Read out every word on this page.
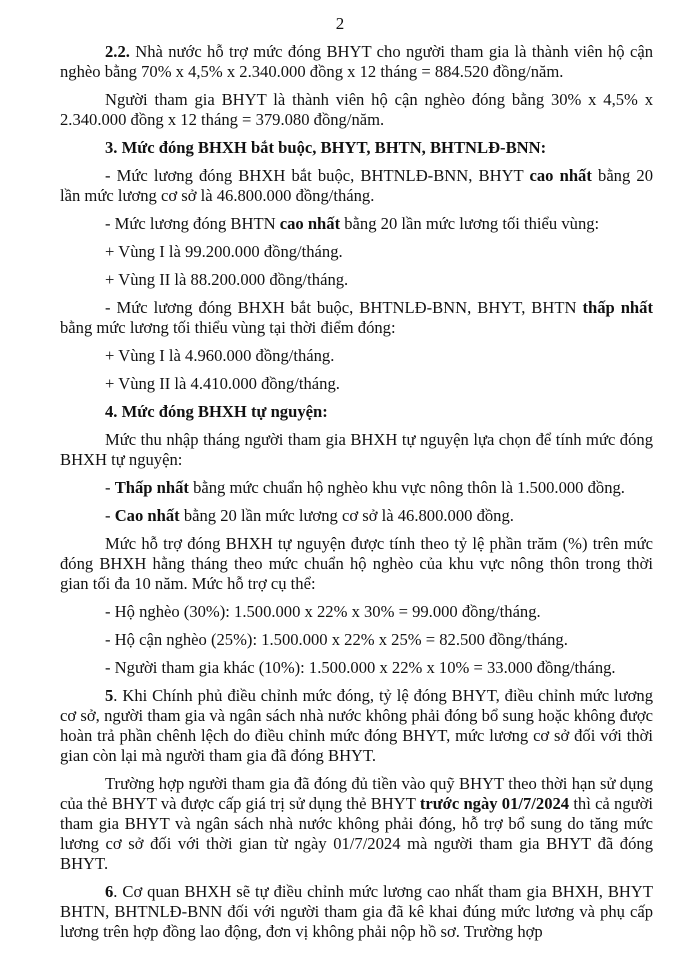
2

2.2. Nhà nước hỗ trợ mức đóng BHYT cho người tham gia là thành viên hộ cận nghèo bằng 70% x 4,5% x 2.340.000 đồng x 12 tháng = 884.520 đồng/năm.

Người tham gia BHYT là thành viên hộ cận nghèo đóng bằng 30% x 4,5% x 2.340.000 đồng x 12 tháng = 379.080 đồng/năm.

3. Mức đóng BHXH bắt buộc, BHYT, BHTN, BHTNLĐ-BNN:

- Mức lương đóng BHXH bắt buộc, BHTNLĐ-BNN, BHYT cao nhất bằng 20 lần mức lương cơ sở là 46.800.000 đồng/tháng.

- Mức lương đóng BHTN cao nhất bằng 20 lần mức lương tối thiểu vùng:

+ Vùng I là 99.200.000 đồng/tháng.

+ Vùng II là 88.200.000 đồng/tháng.

- Mức lương đóng BHXH bắt buộc, BHTNLĐ-BNN, BHYT, BHTN thấp nhất bằng mức lương tối thiểu vùng tại thời điểm đóng:

+ Vùng I là 4.960.000 đồng/tháng.

+ Vùng II là 4.410.000 đồng/tháng.

4. Mức đóng BHXH tự nguyện:

Mức thu nhập tháng người tham gia BHXH tự nguyện lựa chọn để tính mức đóng BHXH tự nguyện:

- Thấp nhất bằng mức chuẩn hộ nghèo khu vực nông thôn là 1.500.000 đồng.

- Cao nhất bằng 20 lần mức lương cơ sở là 46.800.000 đồng.

Mức hỗ trợ đóng BHXH tự nguyện được tính theo tỷ lệ phần trăm (%) trên mức đóng BHXH hằng tháng theo mức chuẩn hộ nghèo của khu vực nông thôn trong thời gian tối đa 10 năm. Mức hỗ trợ cụ thể:

- Hộ nghèo (30%): 1.500.000 x 22% x 30% = 99.000 đồng/tháng.

- Hộ cận nghèo (25%): 1.500.000 x 22% x 25% = 82.500 đồng/tháng.

- Người tham gia khác (10%): 1.500.000 x 22% x 10% = 33.000 đồng/tháng.

5. Khi Chính phủ điều chỉnh mức đóng, tỷ lệ đóng BHYT, điều chỉnh mức lương cơ sở, người tham gia và ngân sách nhà nước không phải đóng bổ sung hoặc không được hoàn trả phần chênh lệch do điều chỉnh mức đóng BHYT, mức lương cơ sở đối với thời gian còn lại mà người tham gia đã đóng BHYT.

Trường hợp người tham gia đã đóng đủ tiền vào quỹ BHYT theo thời hạn sử dụng của thẻ BHYT và được cấp giá trị sử dụng thẻ BHYT trước ngày 01/7/2024 thì cả người tham gia BHYT và ngân sách nhà nước không phải đóng, hỗ trợ bổ sung do tăng mức lương cơ sở đối với thời gian từ ngày 01/7/2024 mà người tham gia BHYT đã đóng BHYT.

6. Cơ quan BHXH sẽ tự điều chỉnh mức lương cao nhất tham gia BHXH, BHYT BHTN, BHTNLĐ-BNN đối với người tham gia đã kê khai đúng mức lương và phụ cấp lương trên hợp đồng lao động, đơn vị không phải nộp hồ sơ. Trường hợp
